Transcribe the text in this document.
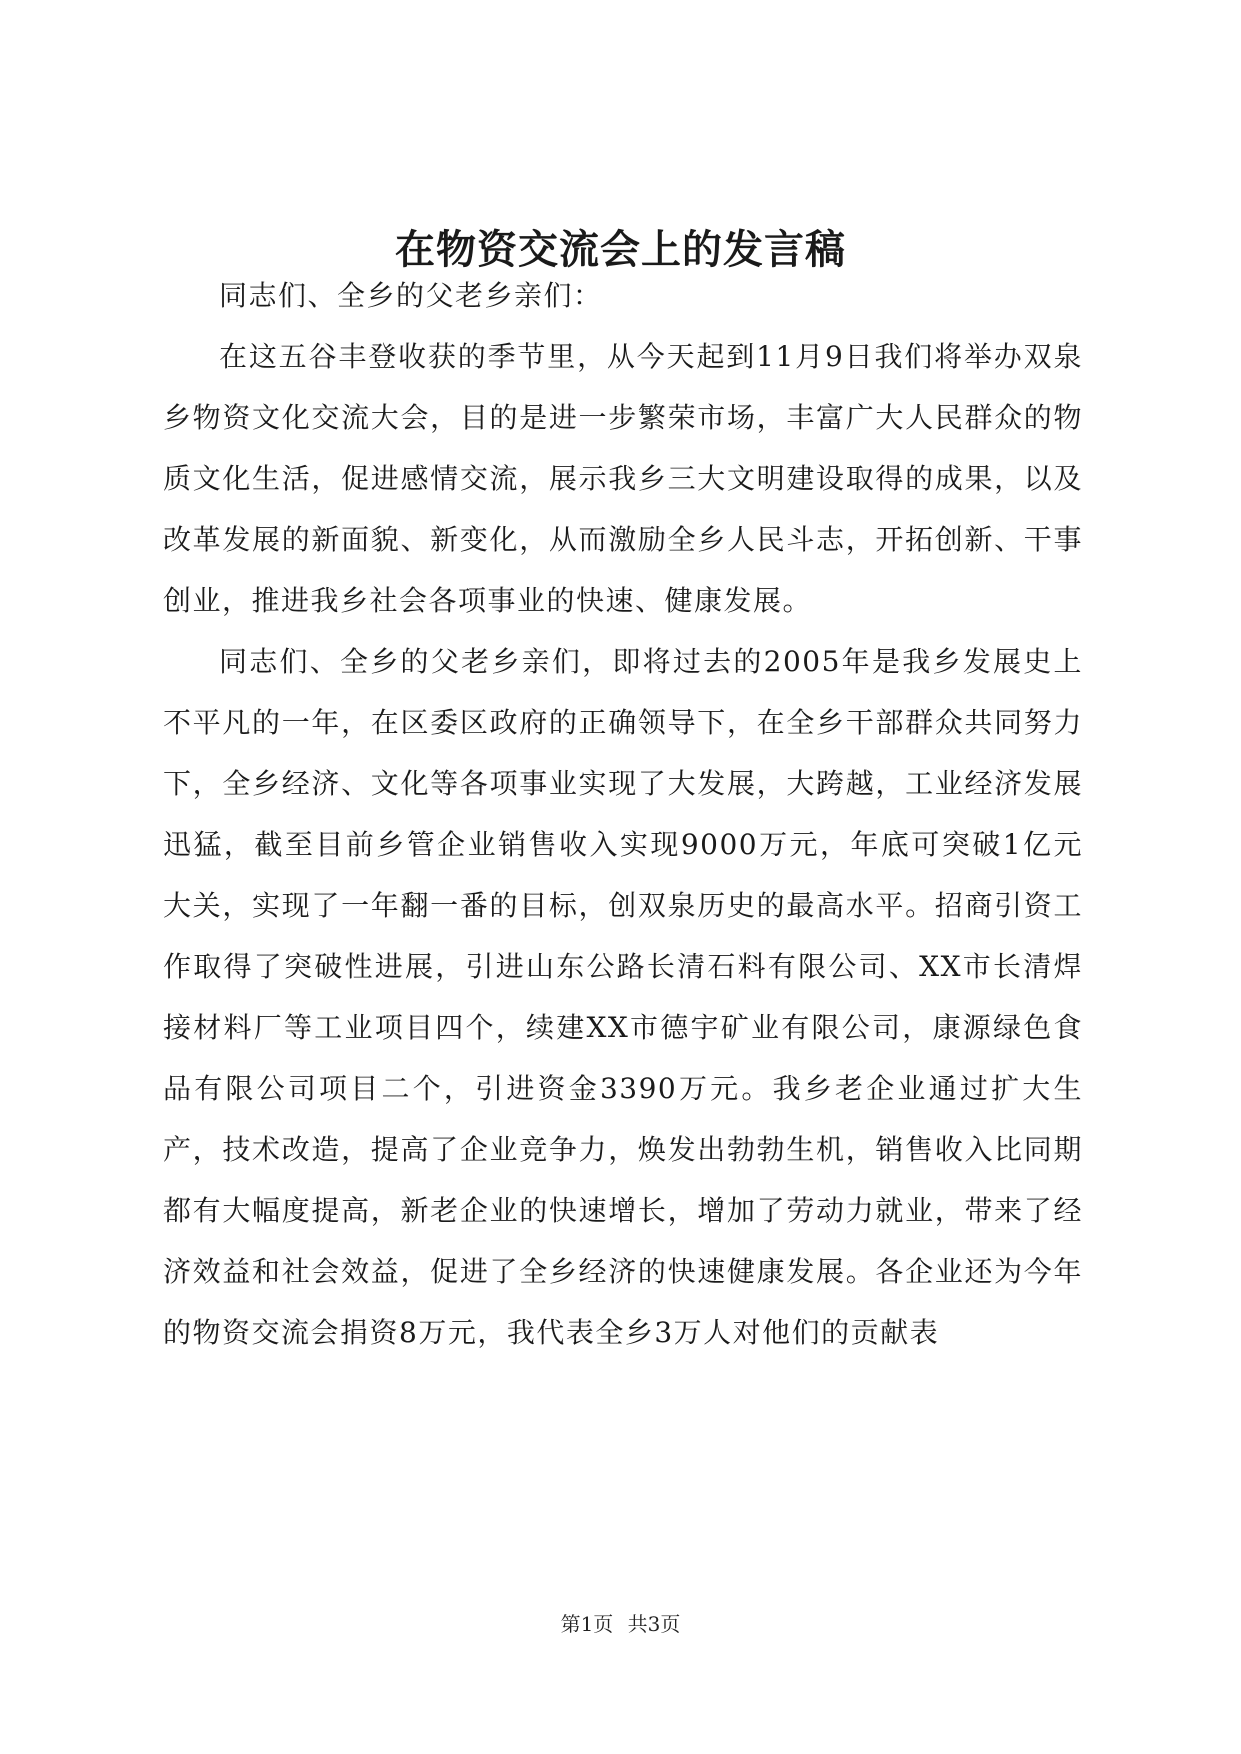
在物资交流会上的发言稿

同志们、全乡的父老乡亲们：

在这五谷丰登收获的季节里，从今天起到11月9日我们将举办双泉乡物资文化交流大会，目的是进一步繁荣市场，丰富广大人民群众的物质文化生活，促进感情交流，展示我乡三大文明建设取得的成果，以及改革发展的新面貌、新变化，从而激励全乡人民斗志，开拓创新、干事创业，推进我乡社会各项事业的快速、健康发展。

同志们、全乡的父老乡亲们，即将过去的2005年是我乡发展史上不平凡的一年，在区委区政府的正确领导下，在全乡干部群众共同努力下，全乡经济、文化等各项事业实现了大发展，大跨越，工业经济发展迅猛，截至目前乡管企业销售收入实现9000万元，年底可突破1亿元大关，实现了一年翻一番的目标，创双泉历史的最高水平。招商引资工作取得了突破性进展，引进山东公路长清石料有限公司、XX市长清焊接材料厂等工业项目四个，续建XX市德宇矿业有限公司，康源绿色食品有限公司项目二个，引进资金3390万元。我乡老企业通过扩大生产，技术改造，提高了企业竞争力，焕发出勃勃生机，销售收入比同期都有大幅度提高，新老企业的快速增长，增加了劳动力就业，带来了经济效益和社会效益，促进了全乡经济的快速健康发展。各企业还为今年的物资交流会捐资8万元，我代表全乡3万人对他们的贡献表

第1页 共3页
